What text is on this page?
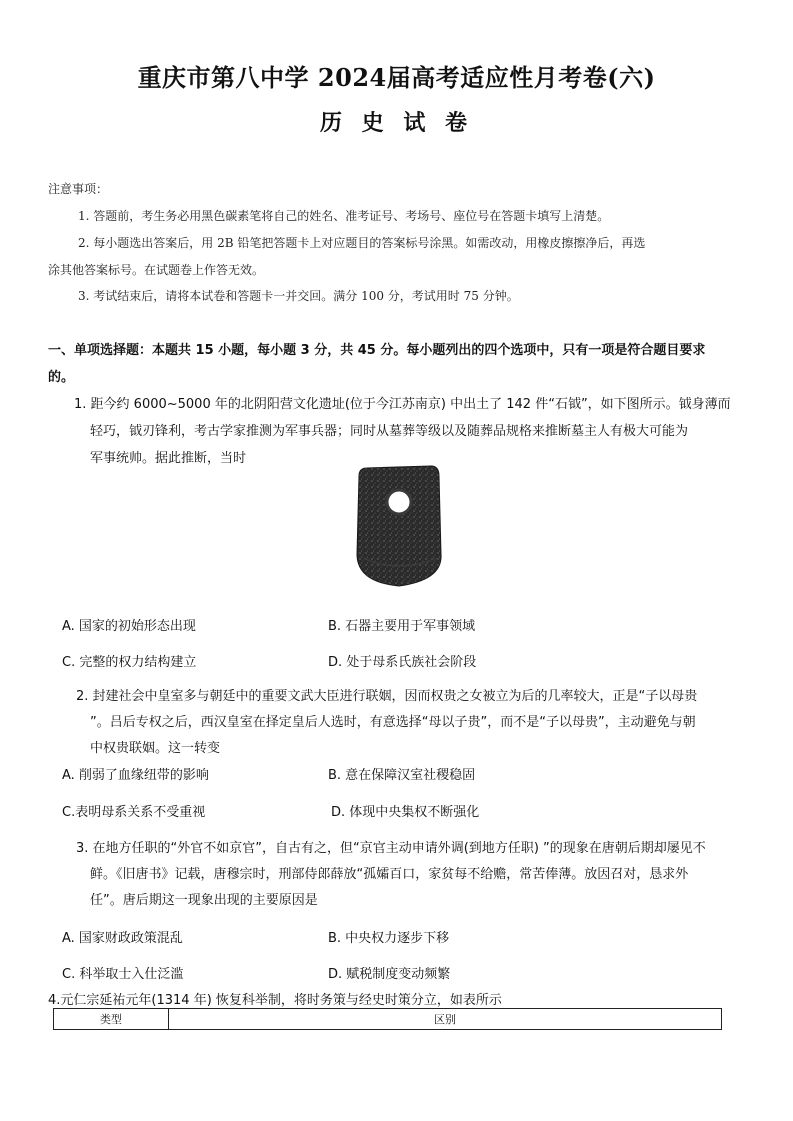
重庆市第八中学 2024届高考适应性月考卷(六)
历 史 试 卷
注意事项：
1. 答题前，考生务必用黑色碳素笔将自己的姓名、准考证号、考场号、座位号在答题卡填写上清楚。
2. 每小题选出答案后，用 2B 铅笔把答题卡上对应题目的答案标号涂黑。如需改动，用橡皮擦擦净后，再选
涂其他答案标号。在试题卷上作答无效。
3. 考试结束后，请将本试卷和答题卡一并交回。满分 100 分，考试用时 75 分钟。
一、单项选择题：本题共 15 小题，每小题 3 分，共 45 分。每小题列出的四个选项中，只有一项是符合题目要求
的。
1. 距今约 6000~5000 年的北阴阳营文化遗址(位于今江苏南京) 中出土了 142 件“石钺”，如下图所示。钺身薄而
轻巧，钺刃锋利，考古学家推测为军事兵器；同时从墓葬等级以及随葬品规格来推断墓主人有极大可能为
军事统帅。据此推断，当时
A. 国家的初始形态出现	B. 石器主要用于军事领域
C. 完整的权力结构建立	D. 处于母系氏族社会阶段
2. 封建社会中皇室多与朝廷中的重要文武大臣进行联姻，因而权贵之女被立为后的几率较大，正是“子以母贵
”。吕后专权之后，西汉皇室在择定皇后人选时，有意选择“母以子贵”，而不是“子以母贵”，主动避免与朝
中权贵联姻。这一转变
A. 削弱了血缘纽带的影响	B. 意在保障汉室社稷稳固
C.表明母系关系不受重视	D. 体现中央集权不断强化
3. 在地方任职的“外官不如京官”，自古有之，但“京官主动申请外调(到地方任职) ”的现象在唐朝后期却屡见不
鲜。《旧唐书》记载，唐穆宗时，刑部侍郎薛放“孤孀百口，家贫每不给赡，常苦俸薄。放因召对，恳求外
任”。唐后期这一现象出现的主要原因是
A. 国家财政政策混乱	B. 中央权力逐步下移
C. 科举取士入仕泛滥	D. 赋税制度变动频繁
4.元仁宗延祐元年(1314 年) 恢复科举制，将时务策与经史时策分立，如表所示
类型	区别
